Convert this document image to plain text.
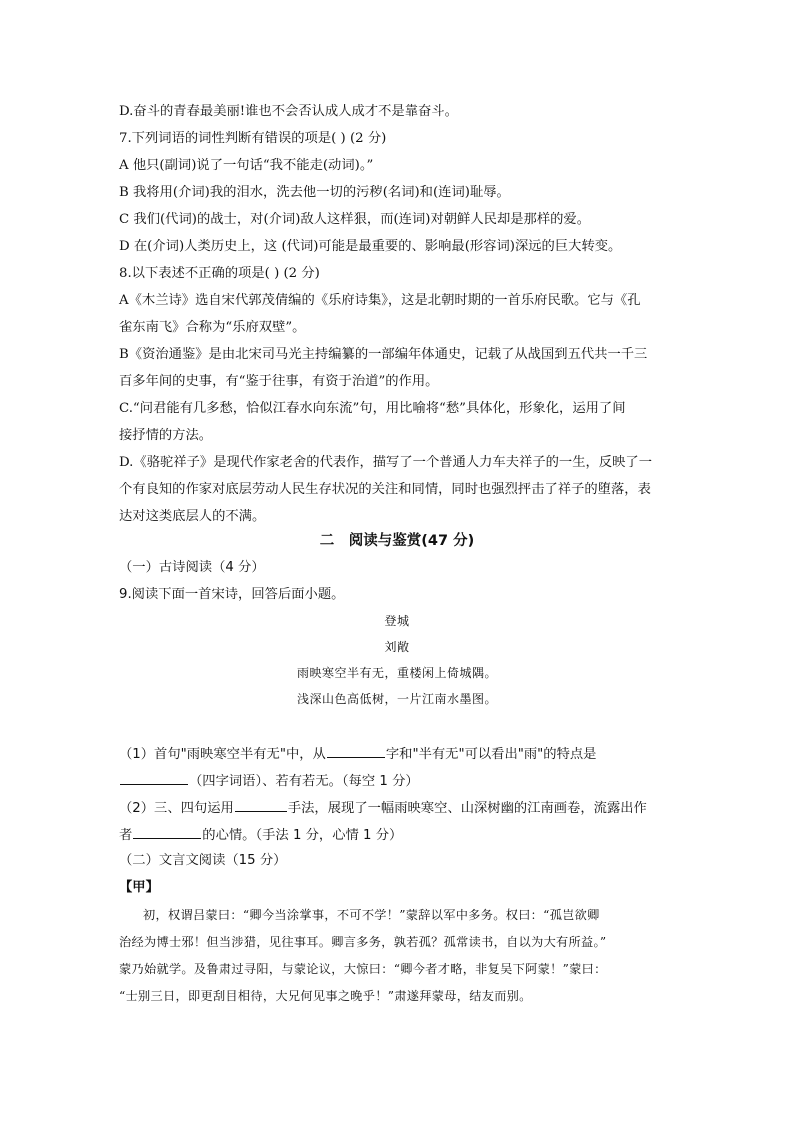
D.奋斗的青春最美丽!谁也不会否认成人成才不是靠奋斗。
7.下列词语的词性判断有错误的项是( ) (2 分)
A 他只(副词)说了一句话“我不能走(动词)。”
B 我将用(介词)我的泪水，洗去他一切的污秽(名词)和(连词)耻辱。
C 我们(代词)的战士，对(介词)敌人这样狠，而(连词)对朝鲜人民却是那样的爱。
D 在(介词)人类历史上，这 (代词)可能是最重要的、影响最(形容词)深远的巨大转变。
8.以下表述不正确的项是( ) (2 分)
A《木兰诗》选自宋代郭茂倩编的《乐府诗集》，这是北朝时期的一首乐府民歌。它与《孔
雀东南飞》合称为“乐府双壁”。
B《资治通鉴》是由北宋司马光主持编纂的一部编年体通史，记载了从战国到五代共一千三
百多年间的史事，有“鉴于往事，有资于治道”的作用。
C.“问君能有几多愁，恰似江春水向东流”句，用比喻将“愁”具体化，形象化，运用了间
接抒情的方法。
D.《骆驼祥子》是现代作家老舍的代表作，描写了一个普通人力车夫祥子的一生，反映了一
个有良知的作家对底层劳动人民生存状况的关注和同情，同时也强烈抨击了祥子的堕落，表
达对这类底层人的不满。
二　阅读与鉴赏(47 分)
（一）古诗阅读（4 分）
9.阅读下面一首宋诗，回答后面小题。
登城
刘敞
雨映寒空半有无，重楼闲上倚城隅。
浅深山色高低树，一片江南水墨图。
（1）首句"雨映寒空半有无"中，从	字和"半有无"可以看出"雨"的特点是
（四字词语）、若有若无。（每空 1 分）
（2）三、四句运用	手法，展现了一幅雨映寒空、山深树幽的江南画卷，流露出作
者	的心情。（手法 1 分，心情 1 分）
（二）文言文阅读（15 分）
【甲】
初，权谓吕蒙曰：“卿今当涂掌事，不可不学！”蒙辞以军中多务。权曰：“孤岂欲卿
治经为博士邪！但当涉猎，见往事耳。卿言多务，孰若孤？孤常读书，自以为大有所益。”
蒙乃始就学。及鲁肃过寻阳，与蒙论议，大惊曰：“卿今者才略，非复吴下阿蒙！”蒙曰：
“士别三日，即更刮目相待，大兄何见事之晚乎！”肃遂拜蒙母，结友而别。
